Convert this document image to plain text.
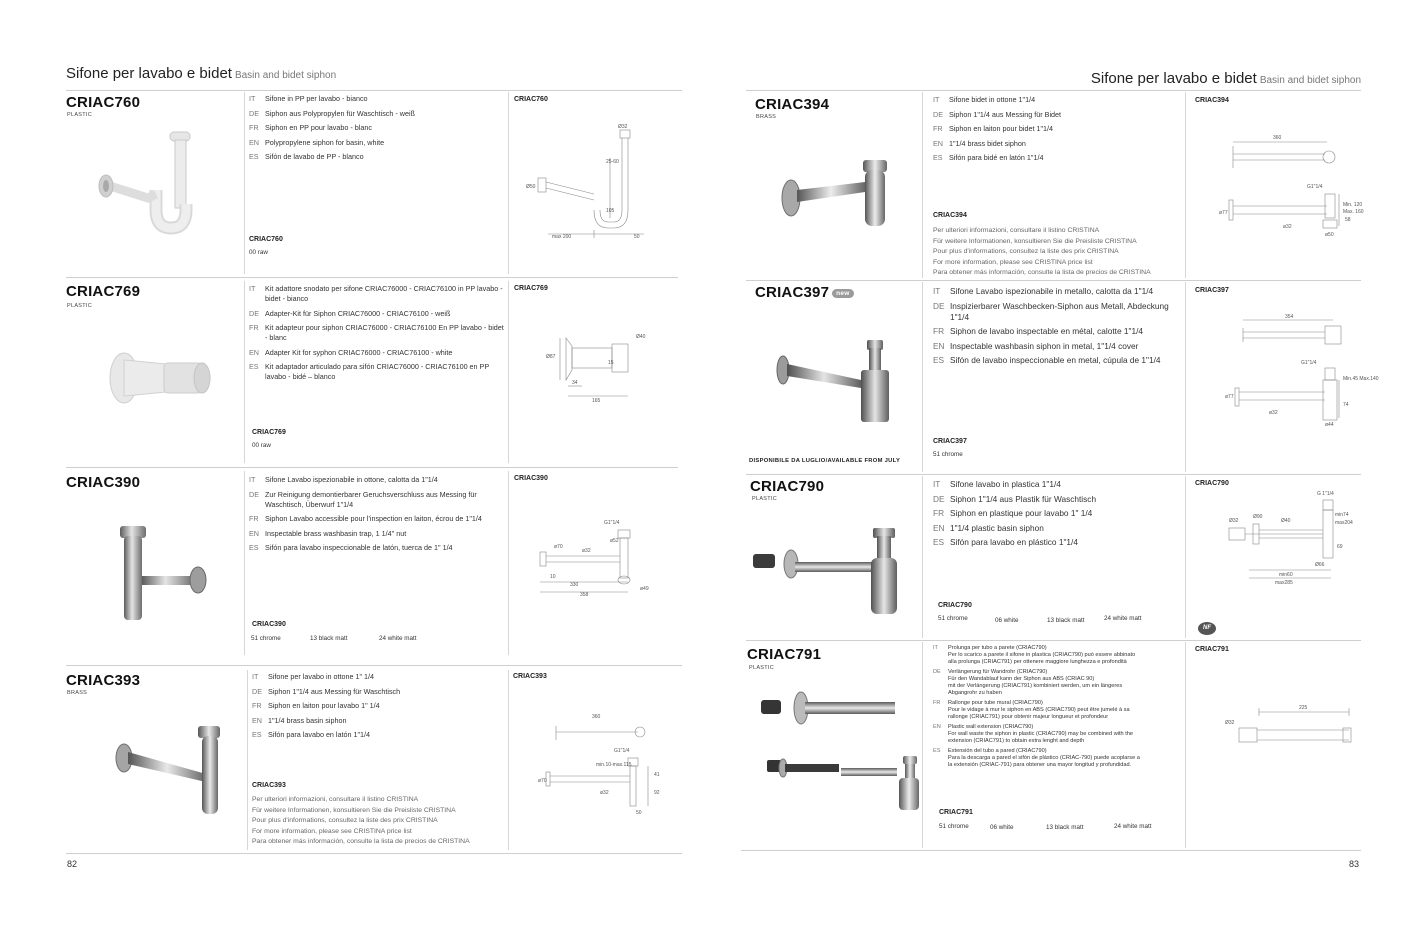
Sifone per lavabo e bidet Basin and bidet siphon
CRIAC760
PLASTIC
IT	Sifone in PP per lavabo - bianco
DE Siphon aus Polypropylen für Waschtisch - weiß
FR Siphon en PP pour lavabo - blanc
EN Polypropylene siphon for basin, white
ES Sifón de lavabo de PP - blanco
CRIAC760
00 raw
CRIAC760
Ø32
25-60
105
Ø50
max 200	50
CRIAC769
PLASTIC
IT	Kit adattore snodato per sifone CRIAC76000 - CRIAC76100 in PP lavabo - bidet - bianco
DE Adapter-Kit für Siphon CRIAC76000 - CRIAC76100 - weiß
FR Kit adapteur pour siphon CRIAC76000 - CRIAC76100 En PP lavabo - bidet - blanc
EN Adapter Kit for syphon CRIAC76000 - CRIAC76100 - white
ES Kit adaptador articulado para sifón CRIAC76000 - CRIAC76100 en PP lavabo - bidé – blanco
CRIAC769
00 raw
CRIAC769
Ø40
Ø87
15
34
165
CRIAC390	IT	Sifone Lavabo ispezionabile in ottone, calotta da 1"1/4
DE Zur Reinigung demontierbarer Geruchsverschluss aus Messing für Waschtisch, Überwurf 1"1/4
FR Siphon Lavabo accessible pour l'inspection en laiton, écrou de 1"1/4
EN Inspectable brass washbasin trap, 1 1/4" nut
ES Sifón para lavabo inspeccionable de latón, tuerca de 1" 1/4
CRIAC390
51 chrome	13 black matt	24 white matt
CRIAC390
G1"1/4
ø52
ø70
ø32
10
330
358
ø49
CRIAC393
BRASS
IT	Sifone per lavabo in ottone 1" 1/4
DE Siphon 1"1/4 aus Messing für Waschtisch
FR Siphon en laiton pour lavabo 1" 1/4
EN 1"1/4 brass basin siphon
ES Sifón para lavabo en latón 1"1/4
CRIAC393
Per ulteriori informazioni, consultare il listino CRISTINA
Für weitere Informationen, konsultieren Sie die Preisliste CRISTINA
Pour plus d'informations, consultez la liste des prix CRISTINA
For more information, please see CRISTINA price list
Para obtener más información, consulte la lista de precios de CRISTINA
CRIAC393
360
G1"1/4
min.10-max.115
ø70
ø32
41
92
50
82
Sifone per lavabo e bidet Basin and bidet siphon
CRIAC394
BRASS
IT	Sifone bidet in ottone 1"1/4
DE Siphon 1"1/4 aus Messing für Bidet
FR Siphon en laiton pour bidet 1"1/4
EN 1"1/4 brass bidet siphon
ES Sifón para bidé en latón 1"1/4
CRIAC394
Per ulteriori informazioni, consultare il listino CRISTINA
Für weitere Informationen, konsultieren Sie die Preisliste CRISTINA
Pour plus d'informations, consultez la liste des prix CRISTINA
For more information, please see CRISTINA price list
Para obtener más información, consulte la lista de precios de CRISTINA
CRIAC394
360
G1"1/4
Min. 120
Max. 160
ø77
ø32
58
ø50
CRIAC397 new	IT	Sifone Lavabo ispezionabile in metallo, calotta da 1"1/4
DE Inspizierbarer Waschbecken-Siphon aus Metall, Abdeckung 1"1/4
FR Siphon de lavabo inspectable en métal, calotte 1"1/4
EN Inspectable washbasin siphon in metal, 1"1/4 cover
ES Sifón de lavabo inspeccionable en metal, cúpula de 1"1/4
CRIAC397
51 chrome
DISPONIBILE DA LUGLIO/AVAILABLE FROM JULY
CRIAC397
354
G1"1/4
Min.45 Max.140
ø77
ø32
74
ø44
CRIAC790
PLASTIC
IT	Sifone lavabo in plastica 1"1/4
DE Siphon 1"1/4 aus Plastik für Waschtisch
FR Siphon en plastique pour lavabo 1" 1/4
EN 1"1/4 plastic basin siphon
ES Sifón para lavabo en plástico 1"1/4
CRIAC790
51 chrome	06 white	13 black matt	24 white matt
CRIAC790
NF
G 1"1/4
Ø32
Ø90
Ø40
min74
max204
69
Ø66
min60
max285
CRIAC791
PLASTIC
IT	Prolunga per tubo a parete (CRIAC790)
Per lo scarico a parete il sifone in plastica (CRIAC790) può essere abbinato
alla prolunga (CRIAC791) per ottenere maggiore lunghezza e profondità
DE	Verlängerung für Wandrohr (CRIAC790)
Für den Wandablauf kann der Siphon aus ABS (CRIAC 90)
mit der Verlängerung (CRIAC791) kombiniert werden, um ein längeres
Abgangrohr zu haben
FR	Rallonge pour tube mural (CRIAC790)
Pour le vidage à mur le siphon en ABS (CRIAC790) peut être jumelé à sa
rallonge (CRIAC791) pour obtenir majeur longueur et profondeur
EN	Plastic wall extension (CRIAC790)
For wall waste the siphon in plastic (CRIAC790) may be combined with the
extension (CRIAC791) to obtain extra lenght and depth
ES	Extensión del tubo a pared (CRIAC790)
Para la descarga a pared el sifón de plástico (CRIAC-790) puede acoplarse a
la extensión (CRIAC-791) para obtener una mayor longitud y profundidad.
CRIAC791
51 chrome	06 white	13 black matt	24 white matt
CRIAC791
225
Ø32
83
